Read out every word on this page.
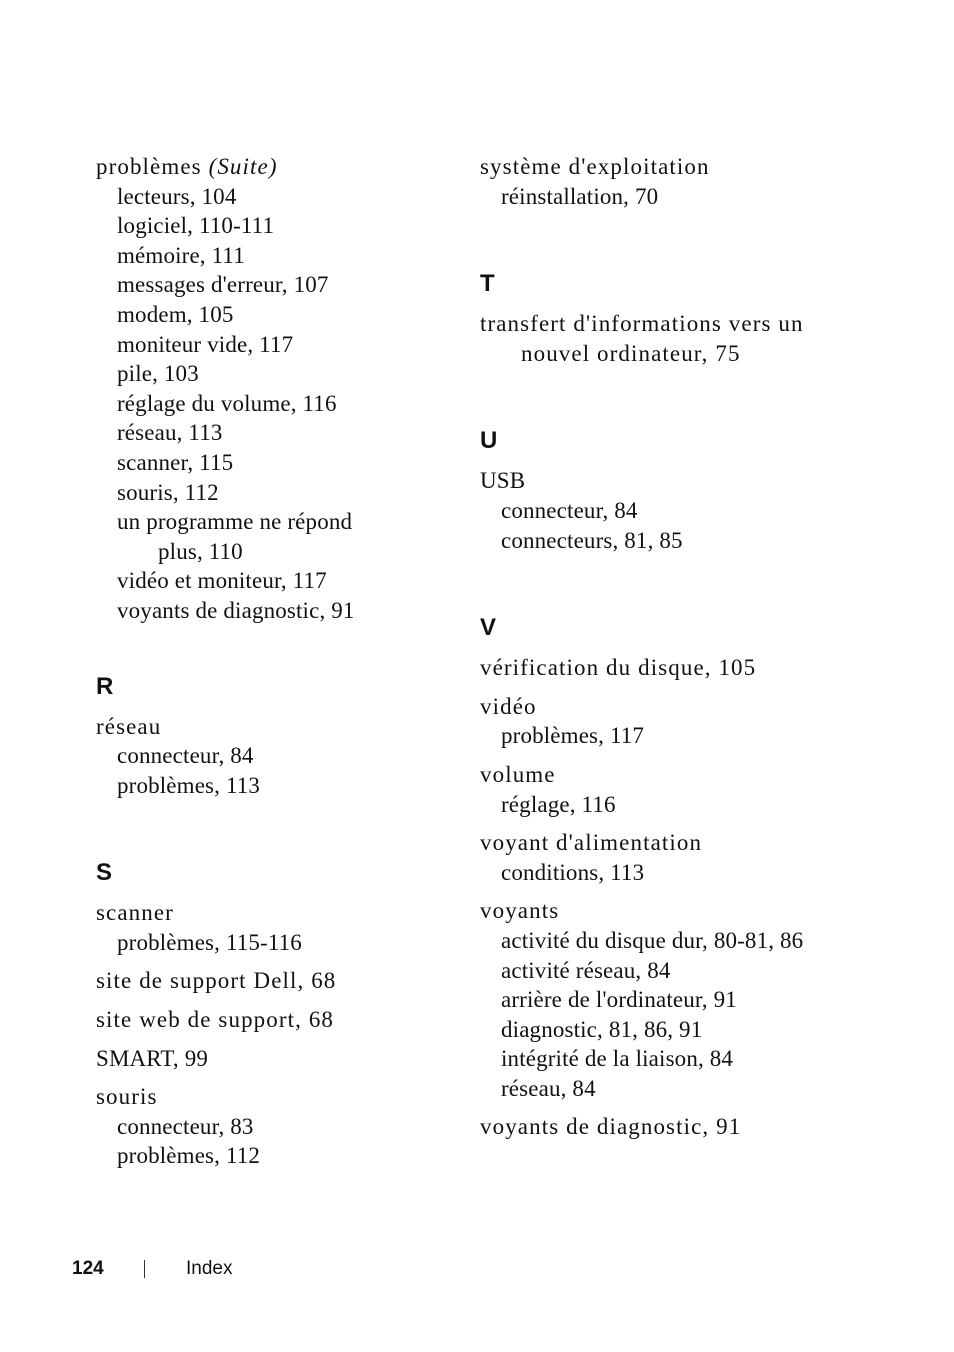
problèmes (Suite)

lecteurs, 104

logiciel, 110-111

mémoire, 111

messages d'erreur, 107

modem, 105

moniteur vide, 117

pile, 103

réglage du volume, 116

réseau, 113

scanner, 115

souris, 112

un programme ne répond

plus, 110

vidéo et moniteur, 117

voyants de diagnostic, 91

R

réseau

connecteur, 84

problèmes, 113

S

scanner

problèmes, 115-116

site de support Dell, 68

site web de support, 68

SMART, 99

souris

connecteur, 83

problèmes, 112

système d'exploitation

réinstallation, 70

T

transfert d'informations vers un

nouvel ordinateur, 75

U

USB

connecteur, 84

connecteurs, 81, 85

V

vérification du disque, 105

vidéo

problèmes, 117

volume

réglage, 116

voyant d'alimentation

conditions, 113

voyants

activité du disque dur, 80-81, 86

activité réseau, 84

arrière de l'ordinateur, 91

diagnostic, 81, 86, 91

intégrité de la liaison, 84

réseau, 84

voyants de diagnostic, 91

124	Index
